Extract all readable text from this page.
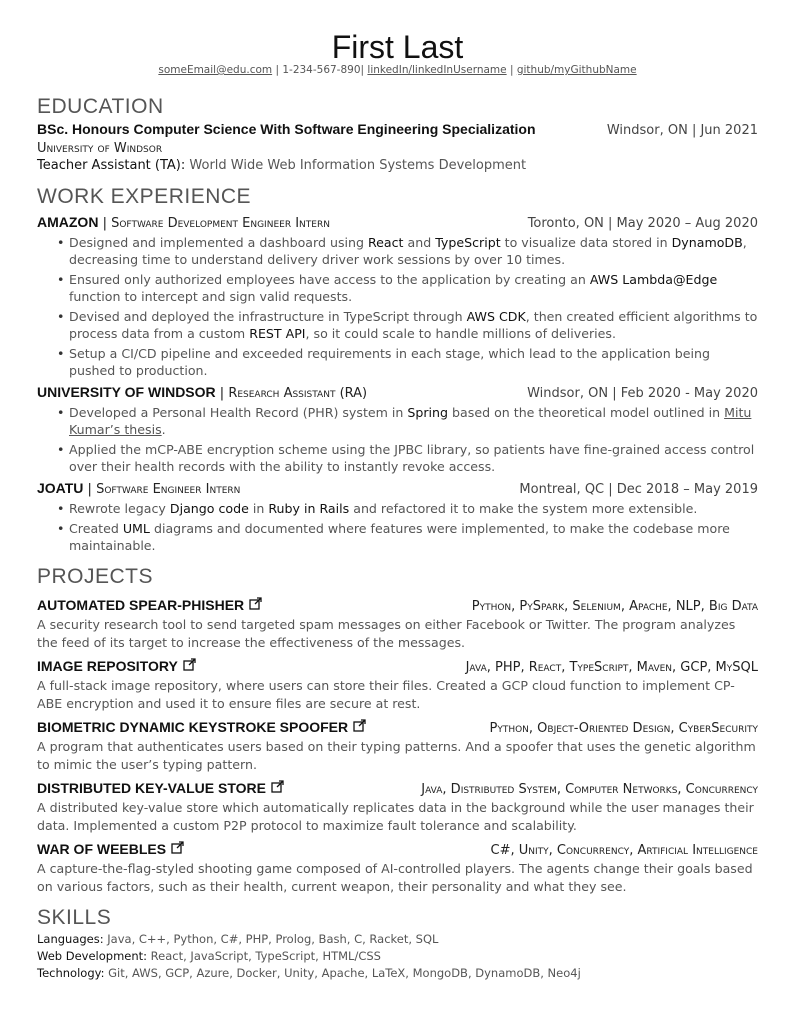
First Last
someEmail@edu.com | 1-234-567-890| linkedIn/linkedInUsername | github/myGithubName
EDUCATION
BSc. Honours Computer Science With Software Engineering Specialization	Windsor, ON | Jun 2021
University of Windsor
Teacher Assistant (TA): World Wide Web Information Systems Development
WORK EXPERIENCE
AMAZON | Software Development Engineer Intern	Toronto, ON | May 2020 – Aug 2020
• Designed and implemented a dashboard using React and TypeScript to visualize data stored in DynamoDB, decreasing time to understand delivery driver work sessions by over 10 times.
• Ensured only authorized employees have access to the application by creating an AWS Lambda@Edge function to intercept and sign valid requests.
• Devised and deployed the infrastructure in TypeScript through AWS CDK, then created efficient algorithms to process data from a custom REST API, so it could scale to handle millions of deliveries.
• Setup a CI/CD pipeline and exceeded requirements in each stage, which lead to the application being pushed to production.
UNIVERSITY OF WINDSOR | Research Assistant (RA)	Windsor, ON | Feb 2020 - May 2020
• Developed a Personal Health Record (PHR) system in Spring based on the theoretical model outlined in Mitu Kumar’s thesis.
• Applied the mCP-ABE encryption scheme using the JPBC library, so patients have fine-grained access control over their health records with the ability to instantly revoke access.
JOATU | Software Engineer Intern	Montreal, QC | Dec 2018 – May 2019
• Rewrote legacy Django code in Ruby in Rails and refactored it to make the system more extensible.
• Created UML diagrams and documented where features were implemented, to make the codebase more maintainable.
PROJECTS
AUTOMATED SPEAR-PHISHER	Python, PySpark, Selenium, Apache, NLP, Big Data
A security research tool to send targeted spam messages on either Facebook or Twitter. The program analyzes the feed of its target to increase the effectiveness of the messages.
IMAGE REPOSITORY	Java, PHP, React, TypeScript, Maven, GCP, MySQL
A full-stack image repository, where users can store their files. Created a GCP cloud function to implement CP-ABE encryption and used it to ensure files are secure at rest.
BIOMETRIC DYNAMIC KEYSTROKE SPOOFER	Python, Object-Oriented Design, CyberSecurity
A program that authenticates users based on their typing patterns. And a spoofer that uses the genetic algorithm to mimic the user’s typing pattern.
DISTRIBUTED KEY-VALUE STORE	Java, Distributed System, Computer Networks, Concurrency
A distributed key-value store which automatically replicates data in the background while the user manages their data. Implemented a custom P2P protocol to maximize fault tolerance and scalability.
WAR OF WEEBLES	C#, Unity, Concurrency, Artificial Intelligence
A capture-the-flag-styled shooting game composed of AI-controlled players. The agents change their goals based on various factors, such as their health, current weapon, their personality and what they see.
SKILLS
Languages: Java, C++, Python, C#, PHP, Prolog, Bash, C, Racket, SQL
Web Development: React, JavaScript, TypeScript, HTML/CSS
Technology: Git, AWS, GCP, Azure, Docker, Unity, Apache, LaTeX, MongoDB, DynamoDB, Neo4j
